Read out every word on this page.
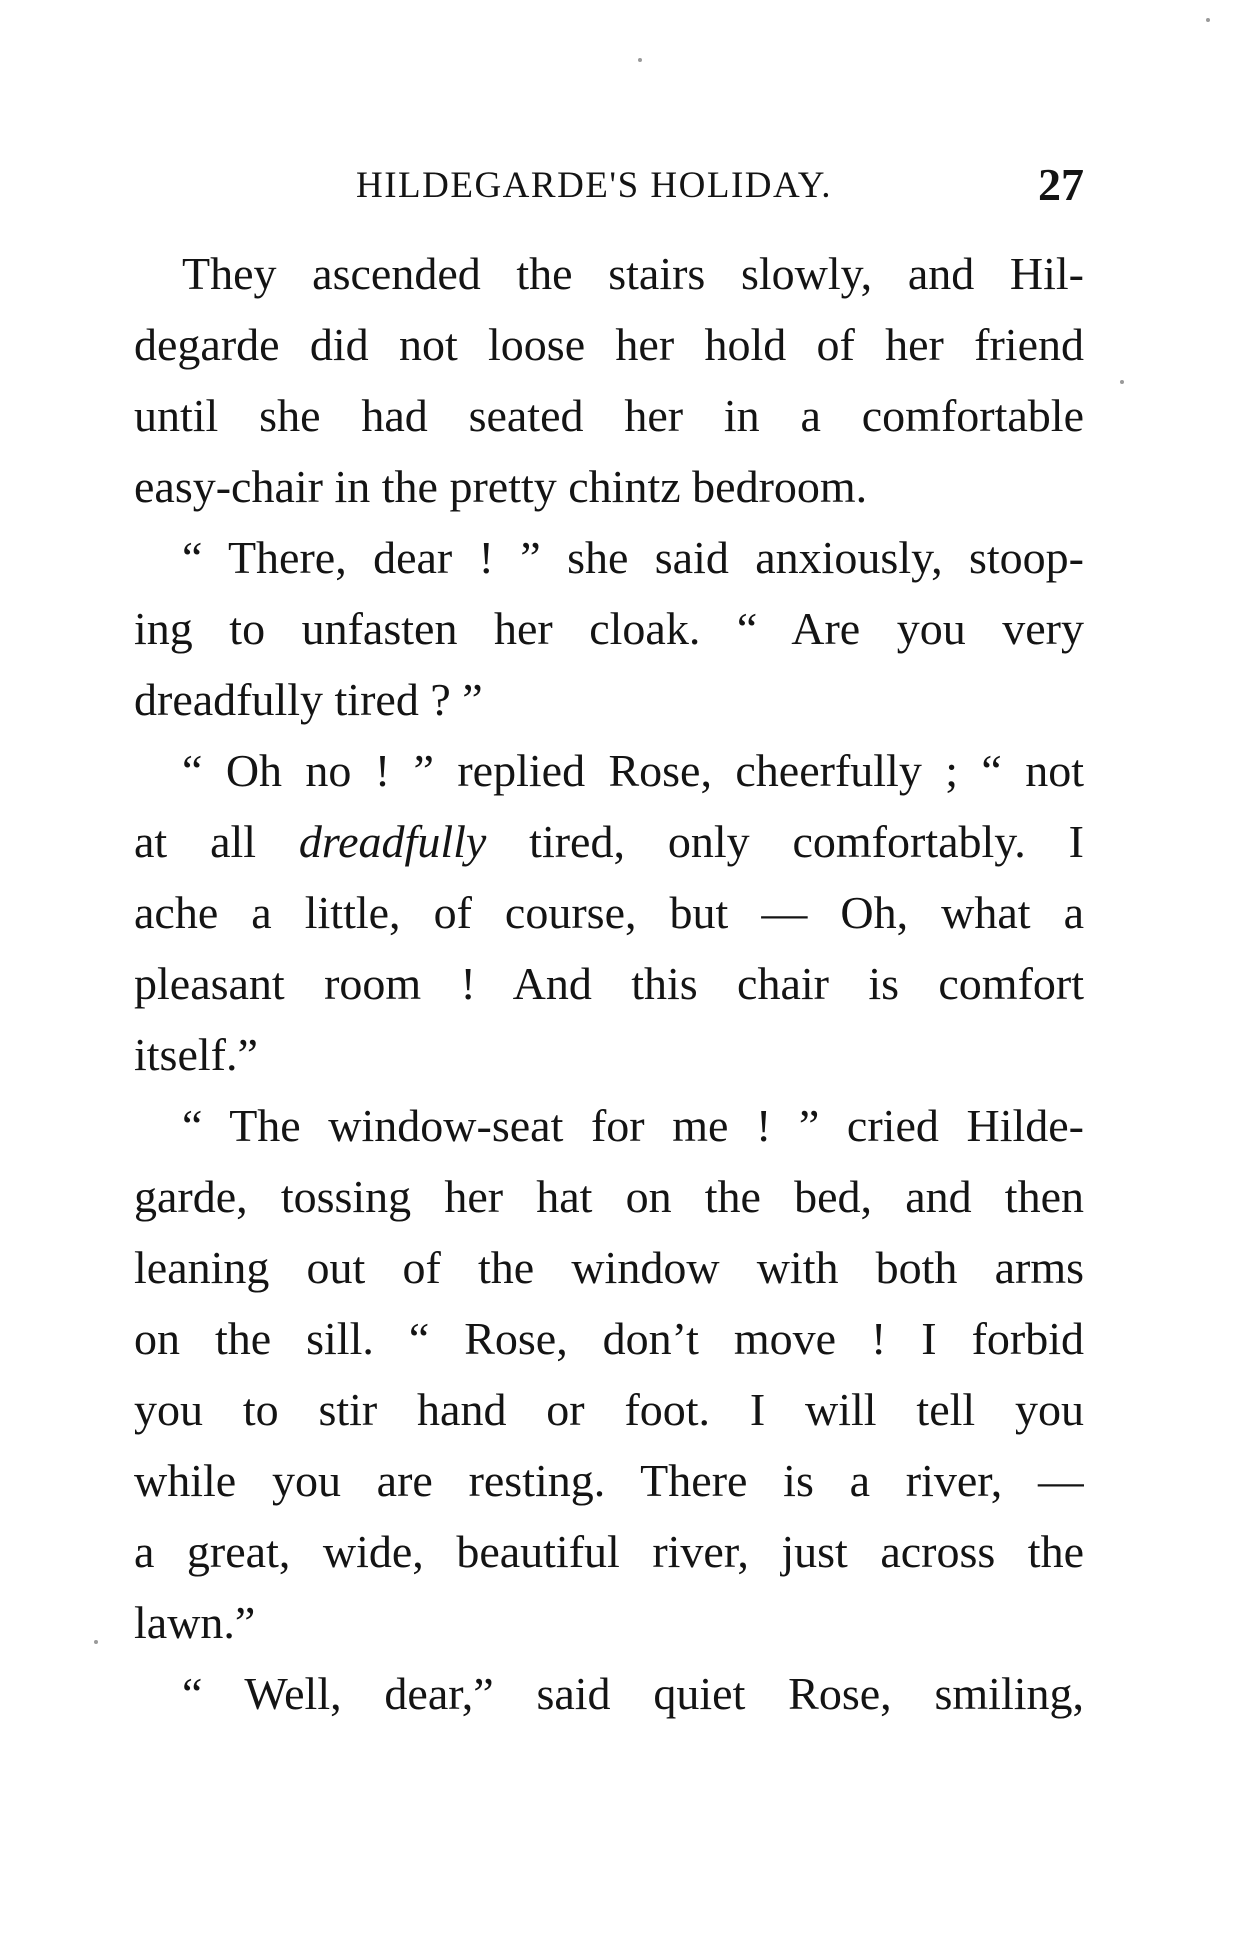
HILDEGARDE'S HOLIDAY.	27
They ascended the stairs slowly, and Hil-
degarde did not loose her hold of her friend
until she had seated her in a comfortable
easy-chair in the pretty chintz bedroom.
“ There, dear ! ” she said anxiously, stoop-
ing to unfasten her cloak. “ Are you very
dreadfully tired ? ”
“ Oh no ! ” replied Rose, cheerfully ; “ not
at all dreadfully tired, only comfortably. I
ache a little, of course, but — Oh, what a
pleasant room ! And this chair is comfort
itself.”
“ The window-seat for me ! ” cried Hilde-
garde, tossing her hat on the bed, and then
leaning out of the window with both arms
on the sill. “ Rose, don’t move ! I forbid
you to stir hand or foot. I will tell you
while you are resting. There is a river, —
a great, wide, beautiful river, just across the
lawn.”
“ Well, dear,” said quiet Rose, smiling,
